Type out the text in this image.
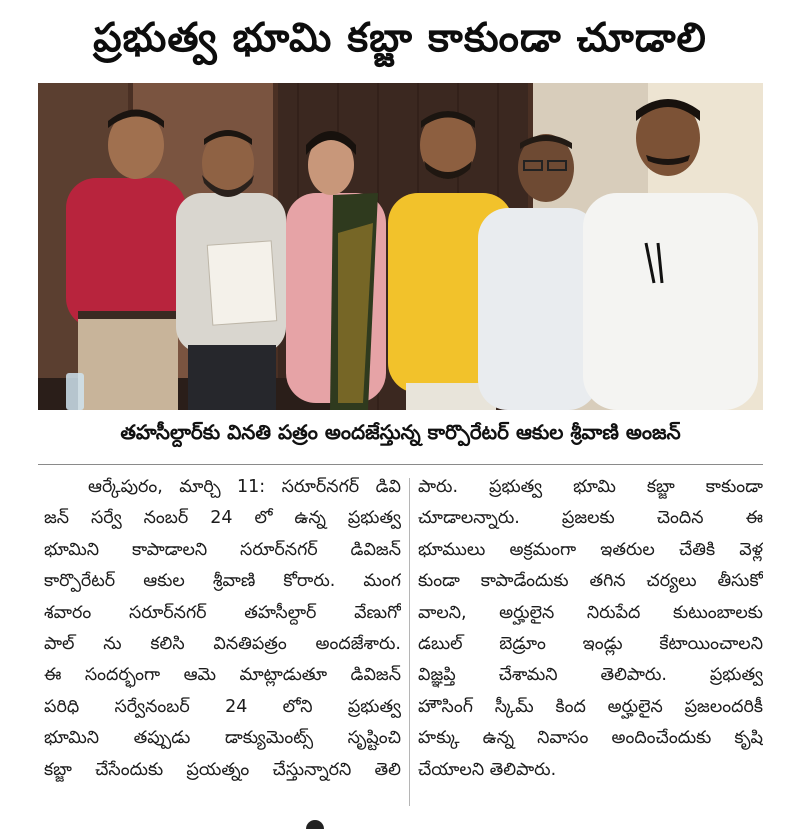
ప్రభుత్వ భూమి కబ్జా కాకుండా చూడాలి
తహసీల్దార్‌కు వినతి పత్రం అందజేస్తున్న కార్పొరేటర్ ఆకుల శ్రీవాణి అంజన్
ఆర్కేపురం, మార్చి 11: సరూర్‌నగర్ డివి
జన్ సర్వే నంబర్ 24 లో ఉన్న ప్రభుత్వ
భూమిని కాపాడాలని సరూర్‌నగర్ డివిజన్
కార్పొరేటర్ ఆకుల శ్రీవాణి కోరారు. మంగ
శవారం సరూర్‌నగర్ తహసీల్దార్ వేణుగో
పాల్ ను కలిసి వినతిపత్రం అందజేశారు.
ఈ సందర్భంగా ఆమె మాట్లాడుతూ డివిజన్
పరిధి సర్వేనంబర్ 24 లోని ప్రభుత్వ
భూమిని తప్పుడు డాక్యుమెంట్స్ సృష్టించి
కబ్జా చేసేందుకు ప్రయత్నం చేస్తున్నారని తెలి
పారు. ప్రభుత్వ భూమి కబ్జా కాకుండా
చూడాలన్నారు. ప్రజలకు చెందిన ఈ
భూములు అక్రమంగా ఇతరుల చేతికి వెళ్ల
కుండా కాపాడేందుకు తగిన చర్యలు తీసుకో
వాలని, అర్హులైన నిరుపేద కుటుంబాలకు
డబుల్ బెడ్రూం ఇండ్లు కేటాయించాలని
విజ్ఞప్తి చేశామని తెలిపారు. ప్రభుత్వ
హౌసింగ్ స్కీమ్ కింద అర్హులైన ప్రజలందరికీ
హక్కు ఉన్న నివాసం అందించేందుకు కృషి
చేయాలని తెలిపారు.
